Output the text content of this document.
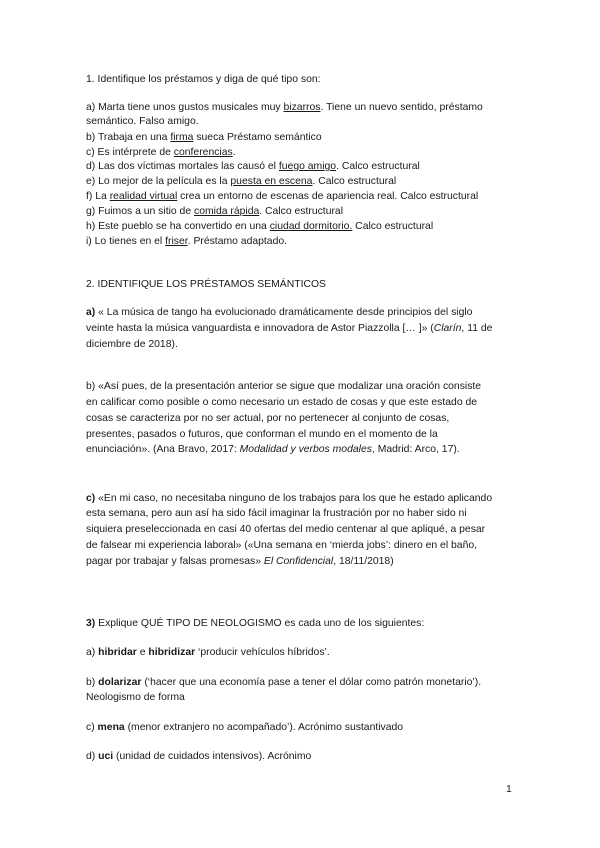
1. Identifique los préstamos y diga de qué tipo son:
a) Marta tiene unos gustos musicales muy bizarros. Tiene un nuevo sentido, préstamo
semántico. Falso amigo.
b) Trabaja en una firma sueca Préstamo semántico
c) Es intérprete de conferencias.
d) Las dos víctimas mortales las causó el fuego amigo. Calco estructural
e) Lo mejor de la película es la puesta en escena. Calco estructural
f) La realidad virtual crea un entorno de escenas de apariencia real. Calco estructural
g) Fuimos a un sitio de comida rápida. Calco estructural
h) Este pueblo se ha convertido en una ciudad dormitorio. Calco estructural
i) Lo tienes en el friser. Préstamo adaptado.
2. IDENTIFIQUE LOS PRÉSTAMOS SEMÁNTICOS
a) « La música de tango ha evolucionado dramáticamente desde principios del siglo
veinte hasta la música vanguardista e innovadora de Astor Piazzolla [… ]» (Clarín, 11 de
diciembre de 2018).
b) «Así pues, de la presentación anterior se sigue que modalizar una oración consiste
en calificar como posible o como necesario un estado de cosas y que este estado de
cosas se caracteriza por no ser actual, por no pertenecer al conjunto de cosas,
presentes, pasados o futuros, que conforman el mundo en el momento de la
enunciación». (Ana Bravo, 2017: Modalidad y verbos modales, Madrid: Arco, 17).
c) «En mi caso, no necesitaba ninguno de los trabajos para los que he estado aplicando
esta semana, pero aun así ha sido fácil imaginar la frustración por no haber sido ni
siquiera preseleccionada en casi 40 ofertas del medio centenar al que apliqué, a pesar
de falsear mi experiencia laboral» («Una semana en ‘mierda jobs’: dinero en el baño,
pagar por trabajar y falsas promesas» El Confidencial, 18/11/2018)
3) Explique QUÉ TIPO DE NEOLOGISMO es cada uno de los siguientes:
a) hibridar e hibridizar ‘producir vehículos híbridos’.
b) dolarizar (‘hacer que una economía pase a tener el dólar como patrón monetario’).
Neologismo de forma
c) mena (menor extranjero no acompañado’). Acrónimo sustantivado
d) uci (unidad de cuidados intensivos). Acrónimo
1
